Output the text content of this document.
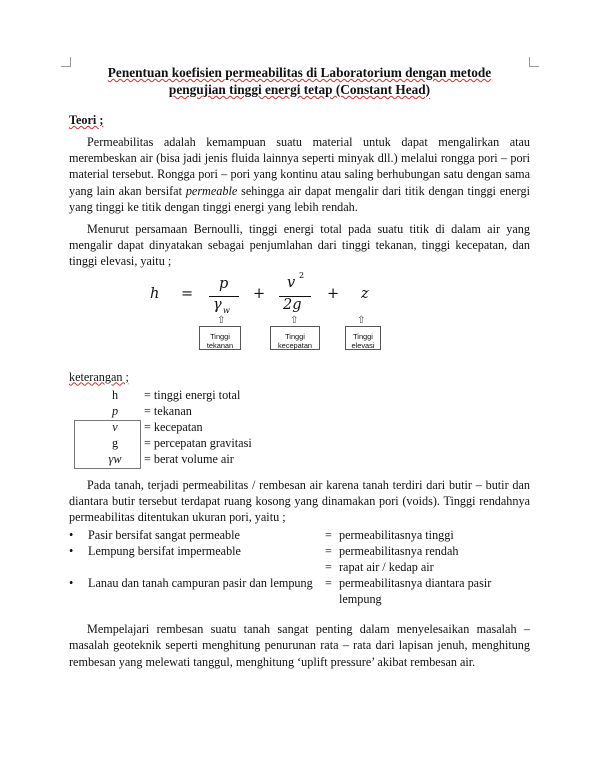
Penentuan koefisien permeabilitas di Laboratorium dengan metode
pengujian tinggi energi tetap (Constant Head)
Teori ;

Permeabilitas adalah kemampuan suatu material untuk dapat mengalirkan atau merembeskan air (bisa jadi jenis fluida lainnya seperti minyak dll.) melalui rongga pori – pori material tersebut. Rongga pori – pori yang kontinu atau saling berhubungan satu dengan sama yang lain akan bersifat permeable sehingga air dapat mengalir dari titik dengan tinggi energi yang tinggi ke titik dengan tinggi energi yang lebih rendah.

Menurut persamaan Bernoulli, tinggi energi total pada suatu titik di dalam air yang mengalir dapat dinyatakan sebagai penjumlahan dari tinggi tekanan, tinggi kecepatan, dan tinggi elevasi, yaitu ;

h =
p
γ w
+
v 2
2g
+ z
⇧
Tinggi
tekanan
⇧
Tinggi
kecepatan
⇧
Tinggi
elevasi
keterangan ;
h	= tinggi energi total
p	= tekanan
v	= kecepatan
g	= percepatan gravitasi
γw = berat volume air

Pada tanah, terjadi permeabilitas / rembesan air karena tanah terdiri dari butir – butir dan diantara butir tersebut terdapat ruang kosong yang dinamakan pori (voids). Tinggi rendahnya permeabilitas ditentukan ukuran pori, yaitu ;

• Pasir bersifat sangat permeable	= permeabilitasnya tinggi
• Lempung bersifat impermeable	= permeabilitasnya rendah
= rapat air / kedap air
• Lanau dan tanah campuran pasir dan lempung = permeabilitasnya diantara pasir lempung

Mempelajari rembesan suatu tanah sangat penting dalam menyelesaikan masalah – masalah geoteknik seperti menghitung penurunan rata – rata dari lapisan jenuh, menghitung rembesan yang melewati tanggul, menghitung ‘uplift pressure’ akibat rembesan air.
